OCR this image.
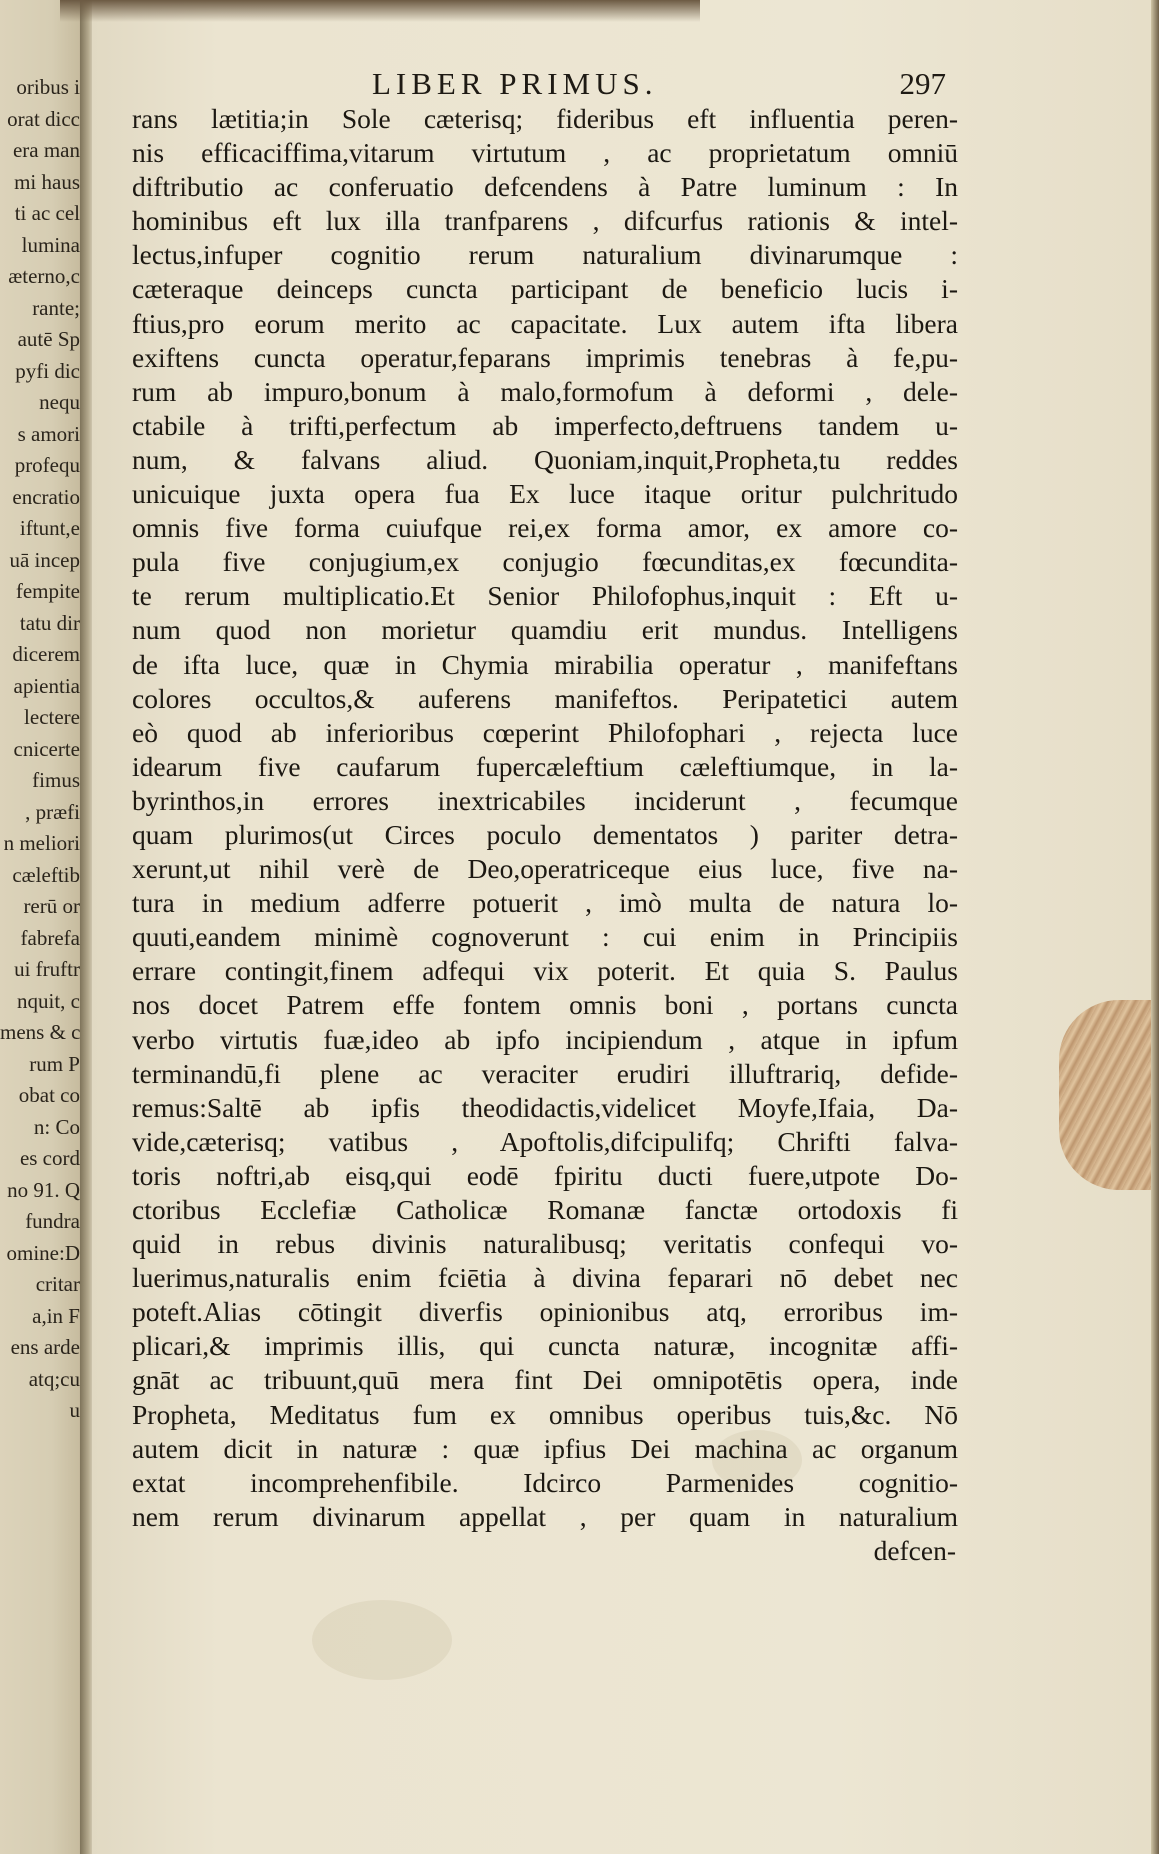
oribus i
orat dicc
era man
mi haus
ti ac cel
lumina
æterno,c
rante;
autē Sp
pyfi dic
nequ
s amori
profequ
encratio
iftunt,e
uā incep
fempite
tatu dir
dicerem
apientia
lectere
cnicerte
fimus
, præfi
n meliori
cæleftib
rerū or
fabrefa
ui fruftr
nquit, c
mens & c
rum P
obat co
n: Co
es cord
no 91. Q
fundra
omine:D
critar
a,in F
ens arde
atq;cu
u
LIBER PRIMUS.	297
rans lætitia;in Sole cæterisq; fideribus eft influentia peren-
nis efficaciffima,vitarum virtutum , ac proprietatum omniū
diftributio ac conferuatio defcendens à Patre luminum : In
hominibus eft lux illa tranfparens , difcurfus rationis & intel-
lectus,infuper cognitio rerum naturalium divinarumque :
cæteraque deinceps cuncta participant de beneficio lucis i-
ftius,pro eorum merito ac capacitate. Lux autem ifta libera
exiftens cuncta operatur,feparans imprimis tenebras à fe,pu-
rum ab impuro,bonum à malo,formofum à deformi , dele-
ctabile à trifti,perfectum ab imperfecto,deftruens tandem u-
num, & falvans aliud. Quoniam,inquit,Propheta,tu reddes
unicuique juxta opera fua Ex luce itaque oritur pulchritudo
omnis five forma cuiufque rei,ex forma amor, ex amore co-
pula five conjugium,ex conjugio fœcunditas,ex fœcundita-
te rerum multiplicatio.Et Senior Philofophus,inquit : Eft u-
num quod non morietur quamdiu erit mundus. Intelligens
de ifta luce, quæ in Chymia mirabilia operatur , manifeftans
colores occultos,& auferens manifeftos. Peripatetici autem
eò quod ab inferioribus cœperint Philofophari , rejecta luce
idearum five caufarum fupercæleftium cæleftiumque, in la-
byrinthos,in errores inextricabiles inciderunt , fecumque
quam plurimos(ut Circes poculo dementatos ) pariter detra-
xerunt,ut nihil verè de Deo,operatriceque eius luce, five na-
tura in medium adferre potuerit , imò multa de natura lo-
quuti,eandem minimè cognoverunt : cui enim in Principiis
errare contingit,finem adfequi vix poterit. Et quia S. Paulus
nos docet Patrem effe fontem omnis boni , portans cuncta
verbo virtutis fuæ,ideo ab ipfo incipiendum , atque in ipfum
terminandū,fi plene ac veraciter erudiri illuftrariq, defide-
remus:Saltē ab ipfis theodidactis,videlicet Moyfe,Ifaia, Da-
vide,cæterisq; vatibus , Apoftolis,difcipulifq; Chrifti falva-
toris noftri,ab eisq,qui eodē fpiritu ducti fuere,utpote Do-
ctoribus Ecclefiæ Catholicæ Romanæ fanctæ ortodoxis fi
quid in rebus divinis naturalibusq; veritatis confequi vo-
luerimus,naturalis enim fciētia à divina feparari nō debet nec
poteft.Alias cōtingit diverfis opinionibus atq, erroribus im-
plicari,& imprimis illis, qui cuncta naturæ, incognitæ affi-
gnāt ac tribuunt,quū mera fint Dei omnipotētis opera, inde
Propheta, Meditatus fum ex omnibus operibus tuis,&c. Nō
autem dicit in naturæ : quæ ipfius Dei machina ac organum
extat incomprehenfibile. Idcirco Parmenides cognitio-
nem rerum divinarum appellat , per quam in naturalium
defcen-
